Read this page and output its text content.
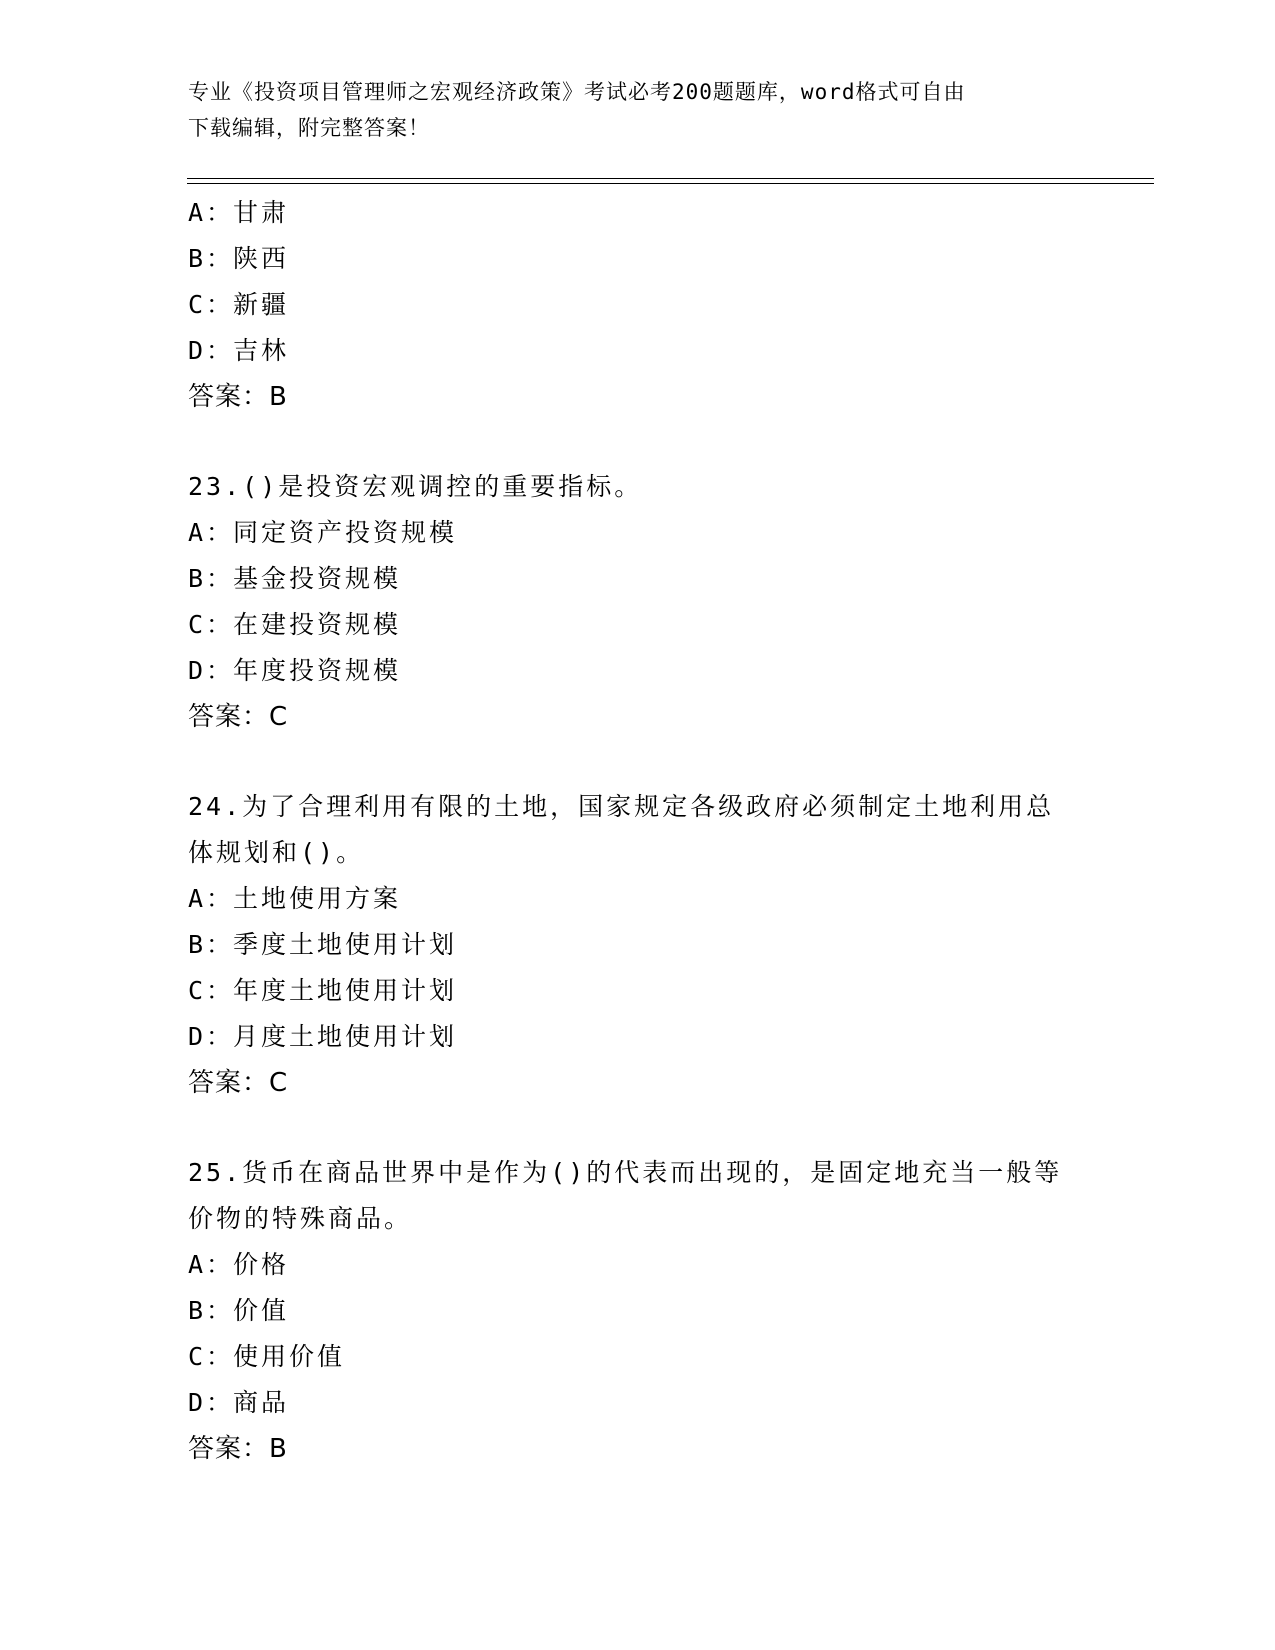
专业《投资项目管理师之宏观经济政策》考试必考200题题库，word格式可自由
下载编辑，附完整答案！
A：甘肃
B：陕西
C：新疆
D：吉林
答案：B
23.()是投资宏观调控的重要指标。
A：同定资产投资规模
B：基金投资规模
C：在建投资规模
D：年度投资规模
答案：C
24.为了合理利用有限的土地，国家规定各级政府必须制定土地利用总
体规划和()。
A：土地使用方案
B：季度土地使用计划
C：年度土地使用计划
D：月度土地使用计划
答案：C
25.货币在商品世界中是作为()的代表而出现的，是固定地充当一般等
价物的特殊商品。
A：价格
B：价值
C：使用价值
D：商品
答案：B
